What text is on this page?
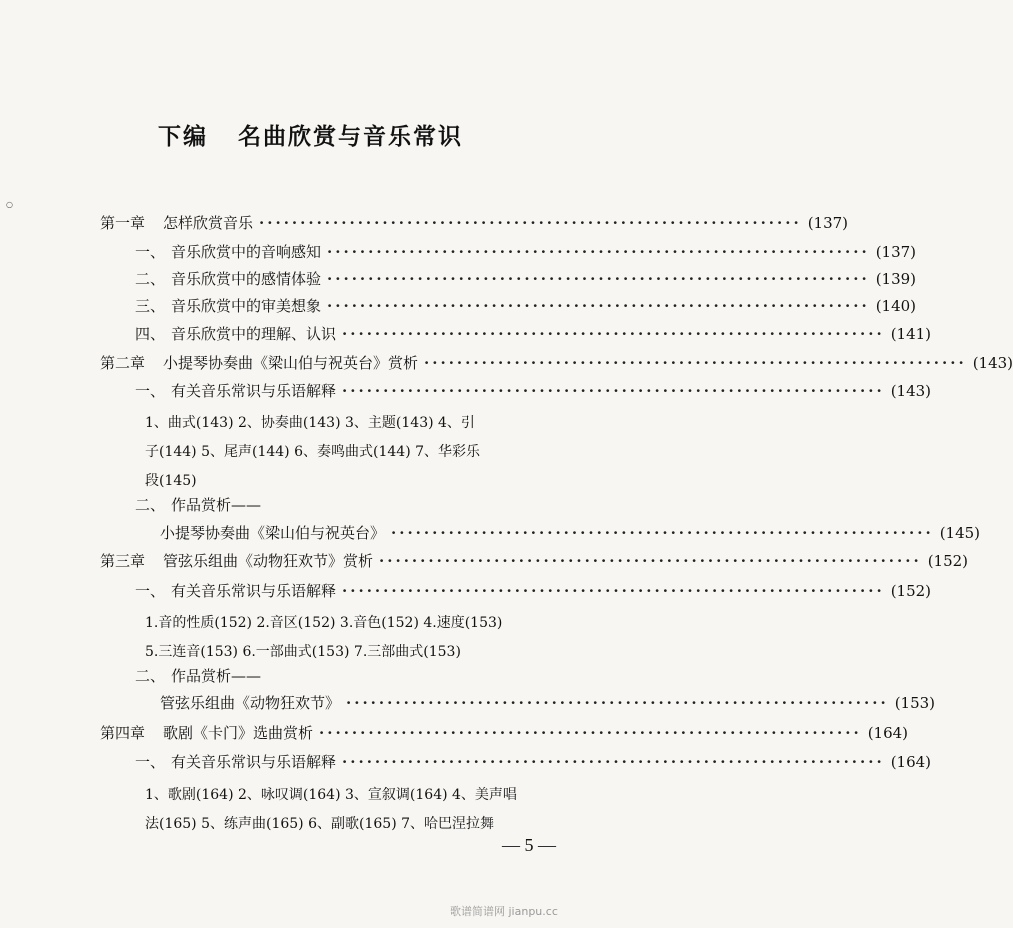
○
下编   名曲欣赏与音乐常识
第一章 怎样欣赏音乐 ·································································· (137)
一、 音乐欣赏中的音响感知 ·································································· (137)
二、 音乐欣赏中的感情体验 ·································································· (139)
三、 音乐欣赏中的审美想象 ·································································· (140)
四、 音乐欣赏中的理解、认识 ·································································· (141)
第二章 小提琴协奏曲《梁山伯与祝英台》赏析 ·································································· (143)
一、 有关音乐常识与乐语解释 ·································································· (143)
1、曲式(143) 2、协奏曲(143) 3、主题(143) 4、引
子(144) 5、尾声(144) 6、奏鸣曲式(144) 7、华彩乐
段(145)
二、 作品赏析——
小提琴协奏曲《梁山伯与祝英台》 ·································································· (145)
第三章 管弦乐组曲《动物狂欢节》赏析 ·································································· (152)
一、 有关音乐常识与乐语解释 ·································································· (152)
1.音的性质(152) 2.音区(152) 3.音色(152) 4.速度(153)
5.三连音(153) 6.一部曲式(153) 7.三部曲式(153)
二、 作品赏析——
管弦乐组曲《动物狂欢节》 ·································································· (153)
第四章 歌剧《卡门》选曲赏析 ·································································· (164)
一、 有关音乐常识与乐语解释 ·································································· (164)
1、歌剧(164) 2、咏叹调(164) 3、宣叙调(164) 4、美声唱
法(165) 5、练声曲(165) 6、副歌(165) 7、哈巴涅拉舞
— 5 —
歌谱简谱网 jianpu.cc
